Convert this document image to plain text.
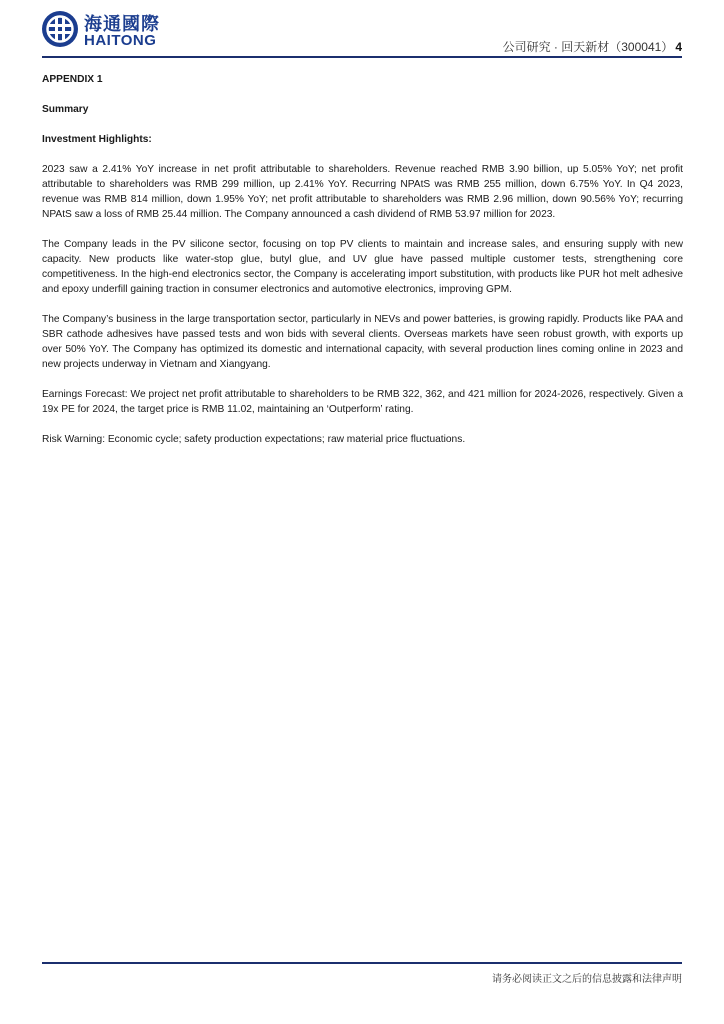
海通國際
HAITONG	公司研究 · 回天新材（300041） 4
APPENDIX 1
Summary
Investment Highlights:

2023 saw a 2.41% YoY increase in net profit attributable to shareholders. Revenue reached RMB 3.90 billion, up 5.05% YoY; net profit attributable to shareholders was RMB 299 million, up 2.41% YoY. Recurring NPAtS was RMB 255 million, down 6.75% YoY. In Q4 2023, revenue was RMB 814 million, down 1.95% YoY; net profit attributable to shareholders was RMB 2.96 million, down 90.56% YoY; recurring NPAtS saw a loss of RMB 25.44 million. The Company announced a cash dividend of RMB 53.97 million for 2023.

The Company leads in the PV silicone sector, focusing on top PV clients to maintain and increase sales, and ensuring supply with new capacity. New products like water-stop glue, butyl glue, and UV glue have passed multiple customer tests, strengthening core competitiveness. In the high-end electronics sector, the Company is accelerating import substitution, with products like PUR hot melt adhesive and epoxy underfill gaining traction in consumer electronics and automotive electronics, improving GPM.

The Company’s business in the large transportation sector, particularly in NEVs and power batteries, is growing rapidly. Products like PAA and SBR cathode adhesives have passed tests and won bids with several clients. Overseas markets have seen robust growth, with exports up over 50% YoY. The Company has optimized its domestic and international capacity, with several production lines coming online in 2023 and new projects underway in Vietnam and Xiangyang.

Earnings Forecast: We project net profit attributable to shareholders to be RMB 322, 362, and 421 million for 2024-2026, respectively. Given a 19x PE for 2024, the target price is RMB 11.02, maintaining an ‘Outperform’ rating.

Risk Warning: Economic cycle; safety production expectations; raw material price fluctuations.

请务必阅读正文之后的信息披露和法律声明
